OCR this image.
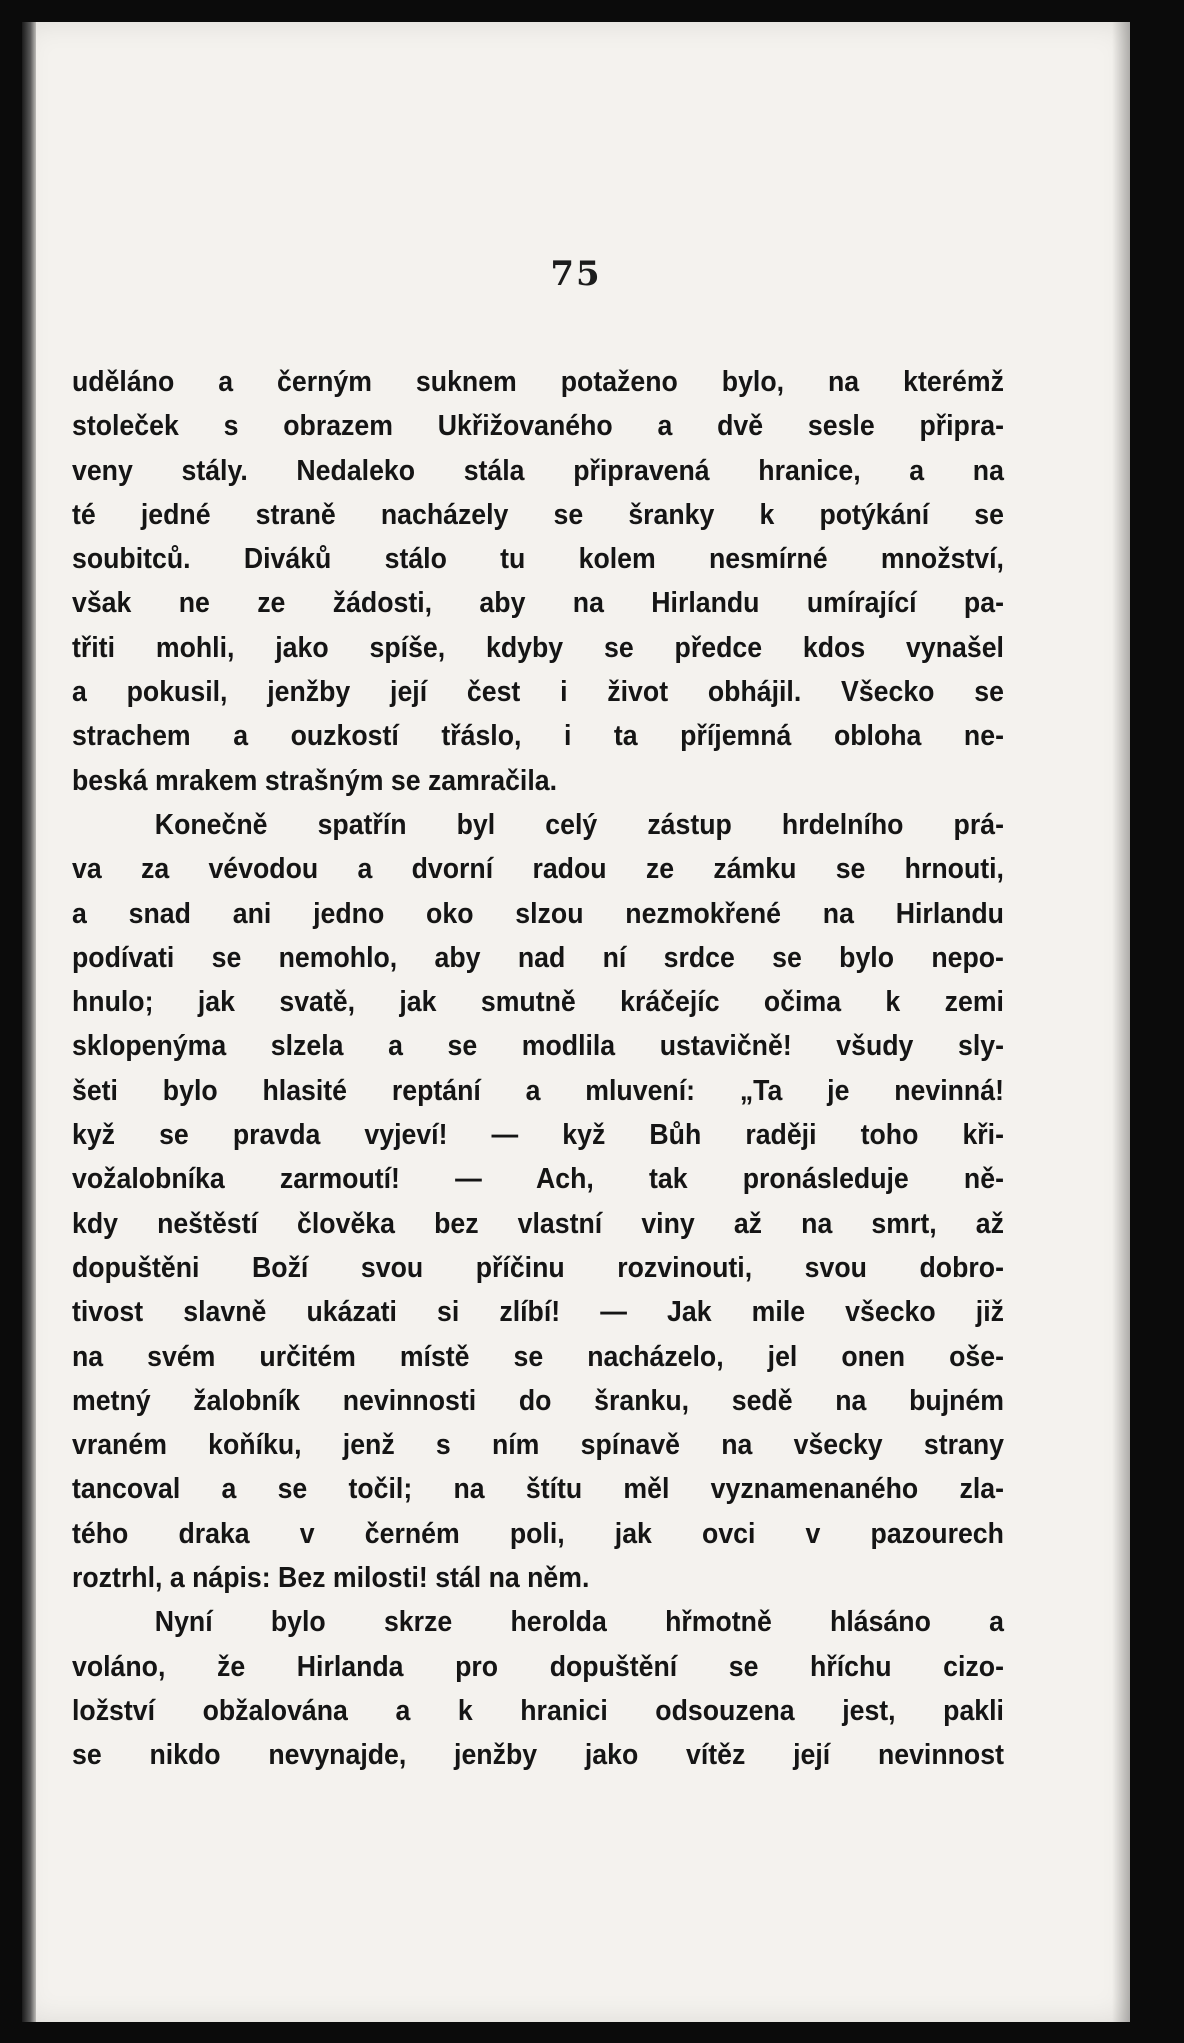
75
uděláno a černým suknem potaženo bylo, na kterémž
stoleček s obrazem Ukřižovaného a dvě sesle připra-
veny stály. Nedaleko stála připravená hranice, a na
té jedné straně nacházely se šranky k potýkání se
soubitců. Diváků stálo tu kolem nesmírné množství,
však ne ze žádosti, aby na Hirlandu umírající pa-
třiti mohli, jako spíše, kdyby se předce kdos vynašel
a pokusil, jenžby její čest i život obhájil. Všecko se
strachem a ouzkostí třáslo, i ta příjemná obloha ne-
beská mrakem strašným se zamračila.
Konečně spatřín byl celý zástup hrdelního prá-
va za vévodou a dvorní radou ze zámku se hrnouti,
a snad ani jedno oko slzou nezmokřené na Hirlandu
podívati se nemohlo, aby nad ní srdce se bylo nepo-
hnulo; jak svatě, jak smutně kráčejíc očima k zemi
sklopenýma slzela a se modlila ustavičně! všudy sly-
šeti bylo hlasité reptání a mluvení: „Ta je nevinná!
kyž se pravda vyjeví! — kyž Bůh raději toho kři-
vožalobníka zarmoutí! — Ach, tak pronásleduje ně-
kdy neštěstí člověka bez vlastní viny až na smrt, až
dopuštěni Boží svou příčinu rozvinouti, svou dobro-
tivost slavně ukázati si zlíbí! — Jak mile všecko již
na svém určitém místě se nacházelo, jel onen oše-
metný žalobník nevinnosti do šranku, sedě na bujném
vraném koňíku, jenž s ním spínavě na všecky strany
tancoval a se točil; na štítu měl vyznamenaného zla-
tého draka v černém poli, jak ovci v pazourech
roztrhl, a nápis: Bez milosti! stál na něm.
Nyní bylo skrze herolda hřmotně hlásáno a
voláno, že Hirlanda pro dopuštění se hříchu cizo-
ložství obžalována a k hranici odsouzena jest, pakli
se nikdo nevynajde, jenžby jako vítěz její nevinnost
